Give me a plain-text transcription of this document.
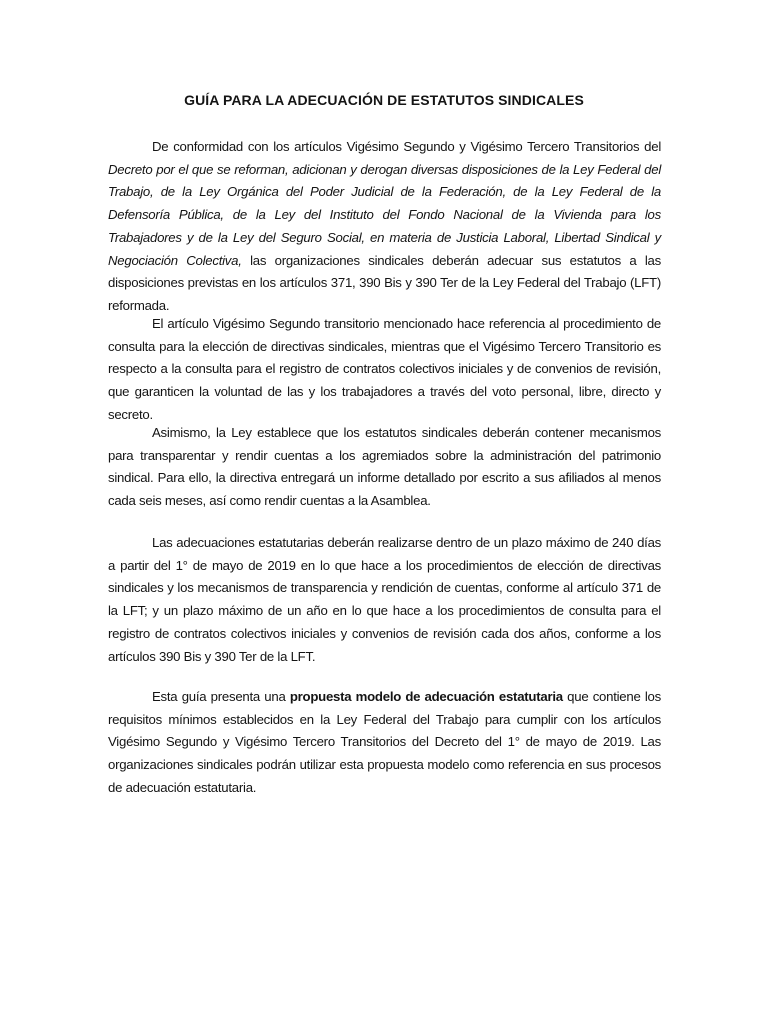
GUÍA PARA LA ADECUACIÓN DE ESTATUTOS SINDICALES

De conformidad con los artículos Vigésimo Segundo y Vigésimo Tercero Transitorios del Decreto por el que se reforman, adicionan y derogan diversas disposiciones de la Ley Federal del Trabajo, de la Ley Orgánica del Poder Judicial de la Federación, de la Ley Federal de la Defensoría Pública, de la Ley del Instituto del Fondo Nacional de la Vivienda para los Trabajadores y de la Ley del Seguro Social, en materia de Justicia Laboral, Libertad Sindical y Negociación Colectiva, las organizaciones sindicales deberán adecuar sus estatutos a las disposiciones previstas en los artículos 371, 390 Bis y 390 Ter de la Ley Federal del Trabajo (LFT) reformada.

El artículo Vigésimo Segundo transitorio mencionado hace referencia al procedimiento de consulta para la elección de directivas sindicales, mientras que el Vigésimo Tercero Transitorio es respecto a la consulta para el registro de contratos colectivos iniciales y de convenios de revisión, que garanticen la voluntad de las y los trabajadores a través del voto personal, libre, directo y secreto.

Asimismo, la Ley establece que los estatutos sindicales deberán contener mecanismos para transparentar y rendir cuentas a los agremiados sobre la administración del patrimonio sindical. Para ello, la directiva entregará un informe detallado por escrito a sus afiliados al menos cada seis meses, así como rendir cuentas a la Asamblea.

Las adecuaciones estatutarias deberán realizarse dentro de un plazo máximo de 240 días a partir del 1° de mayo de 2019 en lo que hace a los procedimientos de elección de directivas sindicales y los mecanismos de transparencia y rendición de cuentas, conforme al artículo 371 de la LFT; y un plazo máximo de un año en lo que hace a los procedimientos de consulta para el registro de contratos colectivos iniciales y convenios de revisión cada dos años, conforme a los artículos 390 Bis y 390 Ter de la LFT.

Esta guía presenta una propuesta modelo de adecuación estatutaria que contiene los requisitos mínimos establecidos en la Ley Federal del Trabajo para cumplir con los artículos Vigésimo Segundo y Vigésimo Tercero Transitorios del Decreto del 1° de mayo de 2019. Las organizaciones sindicales podrán utilizar esta propuesta modelo como referencia en sus procesos de adecuación estatutaria.
